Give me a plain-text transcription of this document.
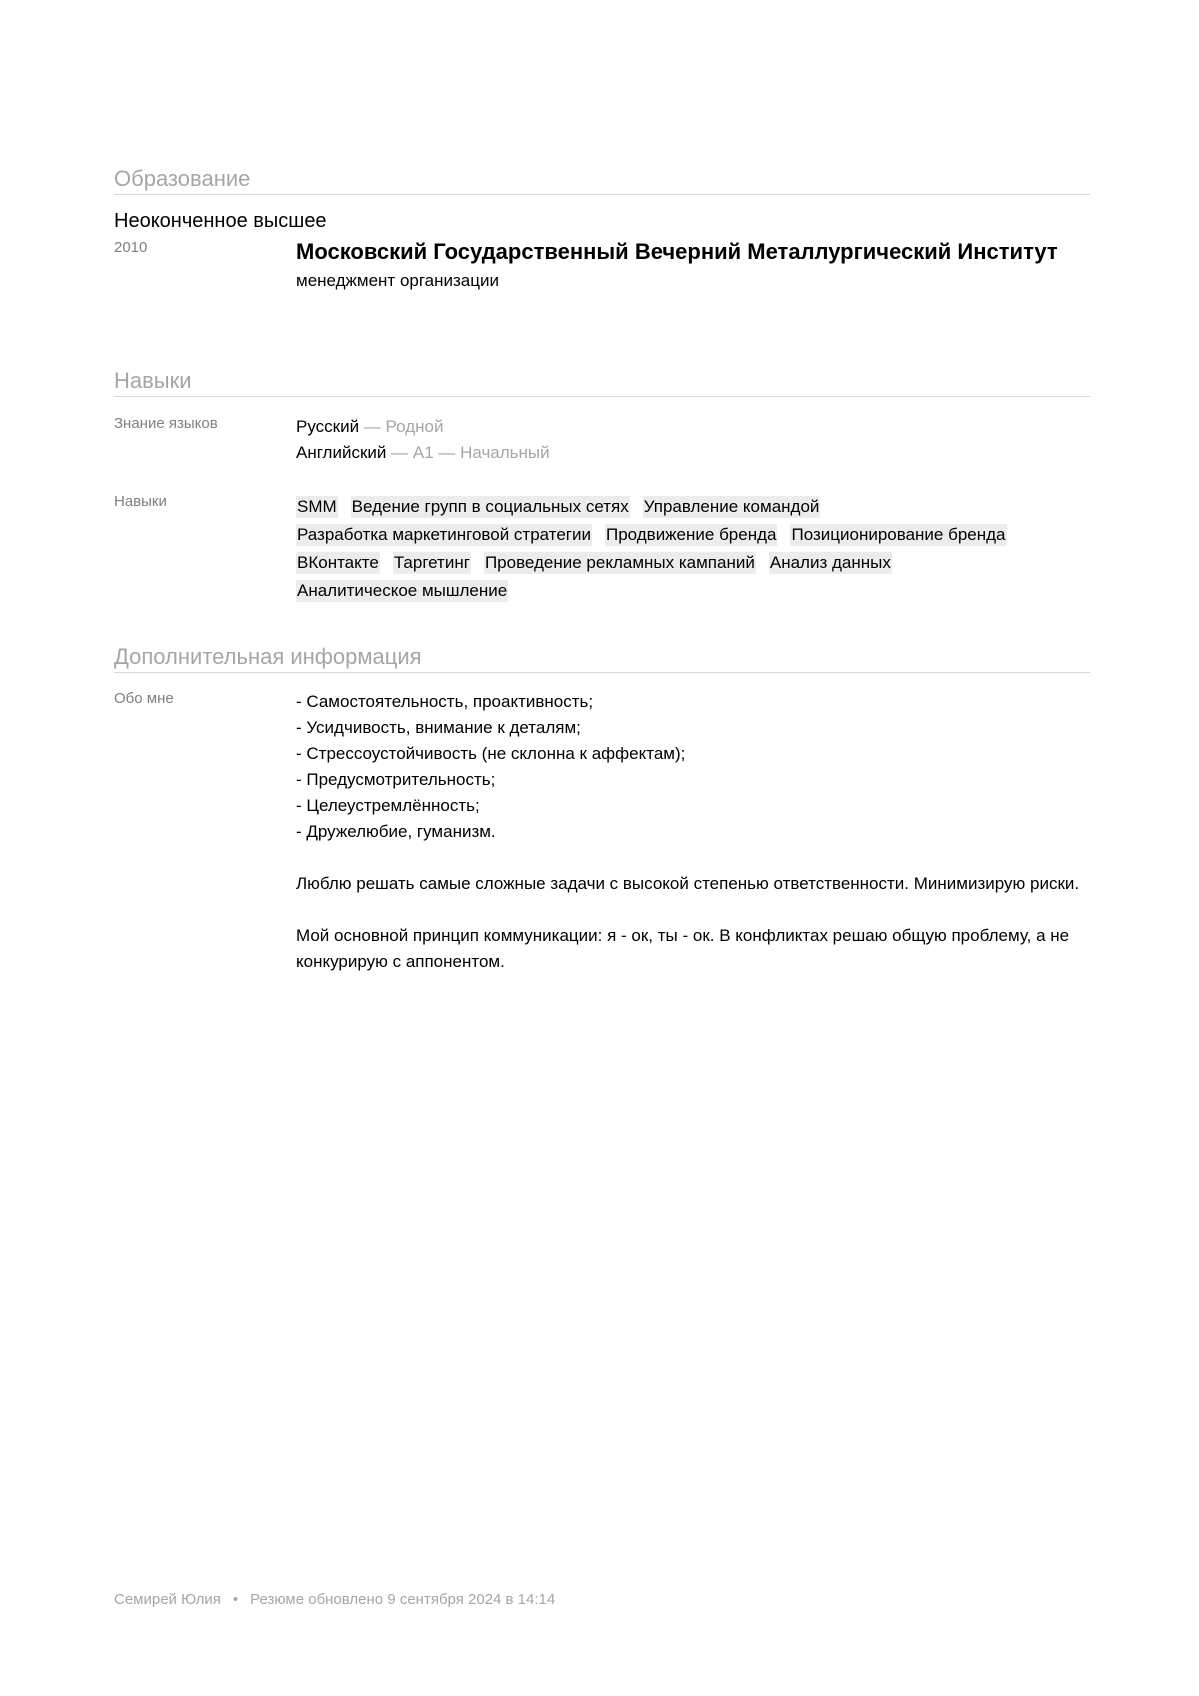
Образование
Неоконченное высшее
2010	Московский Государственный Вечерний Металлургический Институт
менеджмент организации
Навыки
Знание языков	Русский — Родной
Английский — A1 — Начальный
Навыки	SMM Ведение групп в социальных сетях Управление командой
Разработка маркетинговой стратегии Продвижение бренда Позиционирование бренда
ВКонтакте Таргетинг Проведение рекламных кампаний Анализ данных
Аналитическое мышление
Дополнительная информация
Обо мне	- Самостоятельность, проактивность;

- Усидчивость, внимание к деталям;

- Стрессоустойчивость (не склонна к аффектам);

- Предусмотрительность;

- Целеустремлённость;

- Дружелюбие, гуманизм.

Люблю решать самые сложные задачи с высокой степенью ответственности. Минимизирую риски.

Мой основной принцип коммуникации: я - ок, ты - ок. В конфликтах решаю общую проблему, а не конкурирую с аппонентом.

Семирей Юлия • Резюме обновлено 9 сентября 2024 в 14:14
